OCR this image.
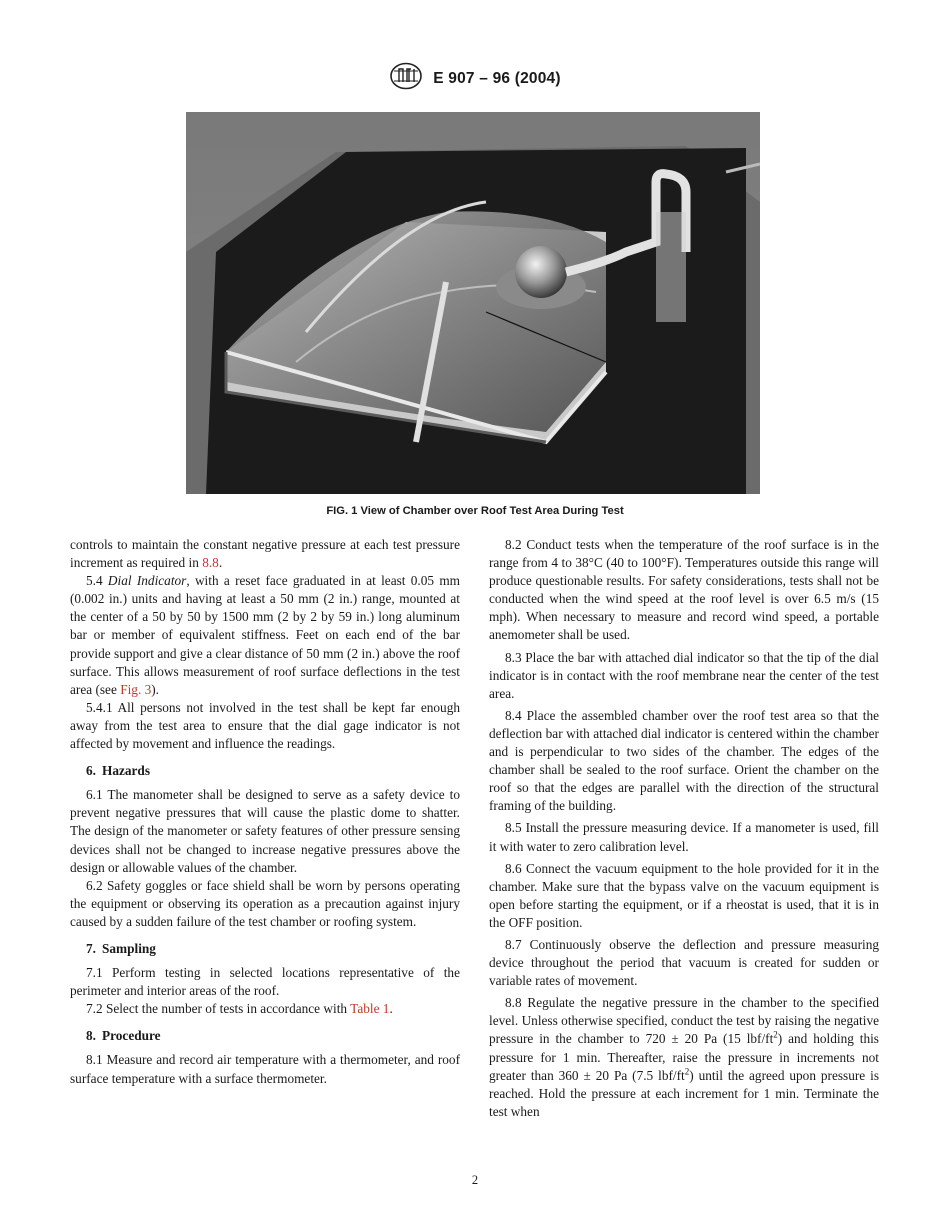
E 907 – 96 (2004)
FIG. 1 View of Chamber over Roof Test Area During Test

controls to maintain the constant negative pressure at each test pressure increment as required in 8.8.

5.4 Dial Indicator, with a reset face graduated in at least 0.05 mm (0.002 in.) units and having at least a 50 mm (2 in.) range, mounted at the center of a 50 by 50 by 1500 mm (2 by 2 by 59 in.) long aluminum bar or member of equivalent stiffness. Feet on each end of the bar provide support and give a clear distance of 50 mm (2 in.) above the roof surface. This allows measurement of roof surface deflections in the test area (see Fig. 3).

5.4.1 All persons not involved in the test shall be kept far enough away from the test area to ensure that the dial gage indicator is not affected by movement and influence the readings.

6. Hazards

6.1 The manometer shall be designed to serve as a safety device to prevent negative pressures that will cause the plastic dome to shatter. The design of the manometer or safety features of other pressure sensing devices shall not be changed to increase negative pressures above the design or allowable values of the chamber.

6.2 Safety goggles or face shield shall be worn by persons operating the equipment or observing its operation as a precaution against injury caused by a sudden failure of the test chamber or roofing system.

7. Sampling

7.1 Perform testing in selected locations representative of the perimeter and interior areas of the roof.

7.2 Select the number of tests in accordance with Table 1.

8. Procedure

8.1 Measure and record air temperature with a thermometer, and roof surface temperature with a surface thermometer.

8.2 Conduct tests when the temperature of the roof surface is in the range from 4 to 38°C (40 to 100°F). Temperatures outside this range will produce questionable results. For safety considerations, tests shall not be conducted when the wind speed at the roof level is over 6.5 m/s (15 mph). When necessary to measure and record wind speed, a portable anemometer shall be used.

8.3 Place the bar with attached dial indicator so that the tip of the dial indicator is in contact with the roof membrane near the center of the test area.

8.4 Place the assembled chamber over the roof test area so that the deflection bar with attached dial indicator is centered within the chamber and is perpendicular to two sides of the chamber. The edges of the chamber shall be sealed to the roof surface. Orient the chamber on the roof so that the edges are parallel with the direction of the structural framing of the building.

8.5 Install the pressure measuring device. If a manometer is used, fill it with water to zero calibration level.

8.6 Connect the vacuum equipment to the hole provided for it in the chamber. Make sure that the bypass valve on the vacuum equipment is open before starting the equipment, or if a rheostat is used, that it is in the OFF position.

8.7 Continuously observe the deflection and pressure measuring device throughout the period that vacuum is created for sudden or variable rates of movement.

8.8 Regulate the negative pressure in the chamber to the specified level. Unless otherwise specified, conduct the test by raising the negative pressure in the chamber to 720 ± 20 Pa (15 lbf/$ft^2$) and holding this pressure for 1 min. Thereafter, raise the pressure in increments not greater than 360 ± 20 Pa (7.5 lbf/$ft^2$) until the agreed upon pressure is reached. Hold the pressure at each increment for 1 min. Terminate the test when

2
